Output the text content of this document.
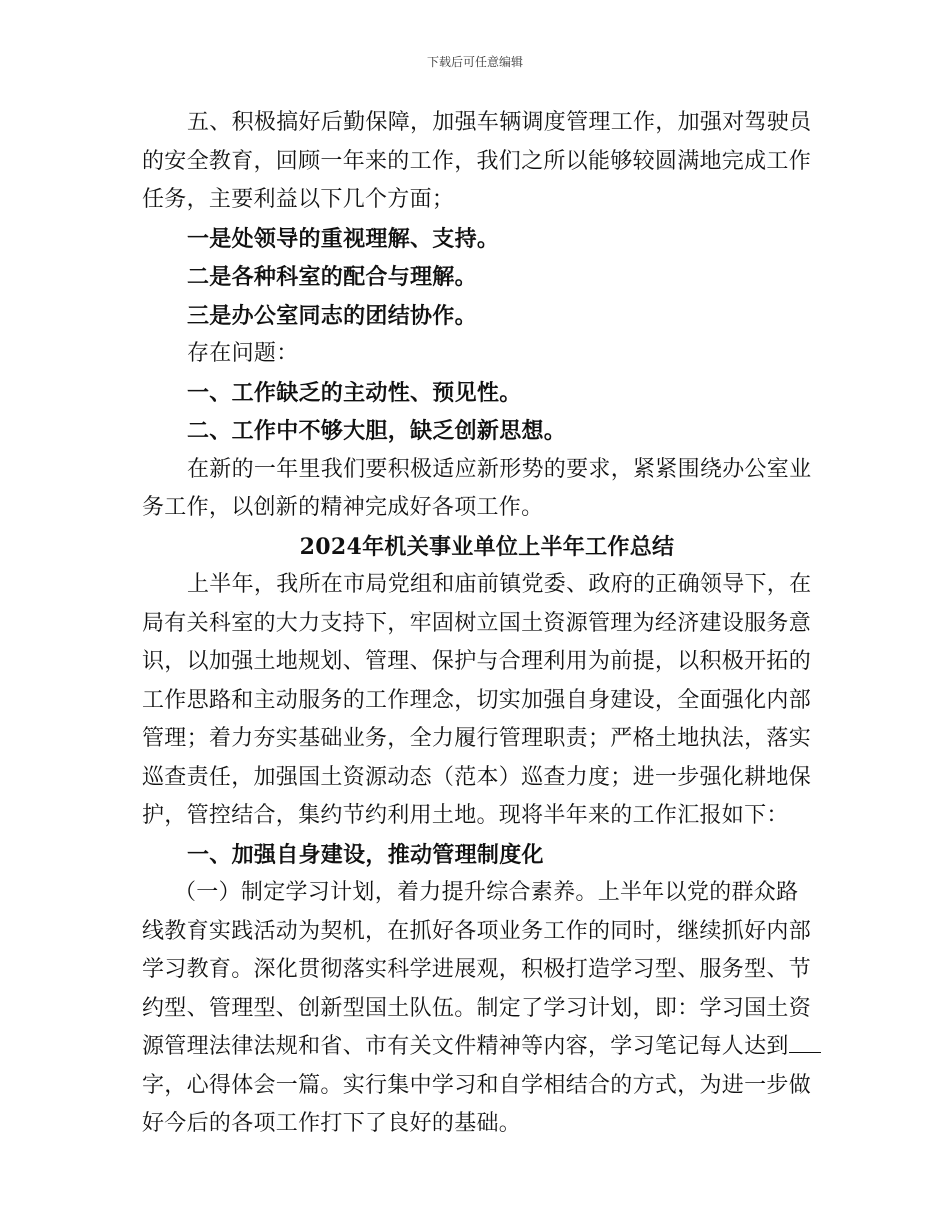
下载后可任意编辑

五、积极搞好后勤保障，加强车辆调度管理工作，加强对驾驶员

的安全教育，回顾一年来的工作，我们之所以能够较圆满地完成工作

任务，主要利益以下几个方面；

一是处领导的重视理解、支持。

二是各种科室的配合与理解。

三是办公室同志的团结协作。

存在问题：

一、工作缺乏的主动性、预见性。

二、工作中不够大胆，缺乏创新思想。

在新的一年里我们要积极适应新形势的要求，紧紧围绕办公室业

务工作，以创新的精神完成好各项工作。

2024年机关事业单位上半年工作总结

上半年，我所在市局党组和庙前镇党委、政府的正确领导下，在

局有关科室的大力支持下，牢固树立国土资源管理为经济建设服务意

识，以加强土地规划、管理、保护与合理利用为前提，以积极开拓的

工作思路和主动服务的工作理念，切实加强自身建设，全面强化内部

管理；着力夯实基础业务，全力履行管理职责；严格土地执法，落实

巡查责任，加强国土资源动态（范本）巡查力度；进一步强化耕地保

护，管控结合，集约节约利用土地。现将半年来的工作汇报如下：

一、加强自身建设，推动管理制度化

（一）制定学习计划，着力提升综合素养。上半年以党的群众路

线教育实践活动为契机，在抓好各项业务工作的同时，继续抓好内部

学习教育。深化贯彻落实科学进展观，积极打造学习型、服务型、节

约型、管理型、创新型国土队伍。制定了学习计划，即：学习国土资

源管理法律法规和省、市有关文件精神等内容，学习笔记每人达到

字，心得体会一篇。实行集中学习和自学相结合的方式，为进一步做

好今后的各项工作打下了良好的基础。
